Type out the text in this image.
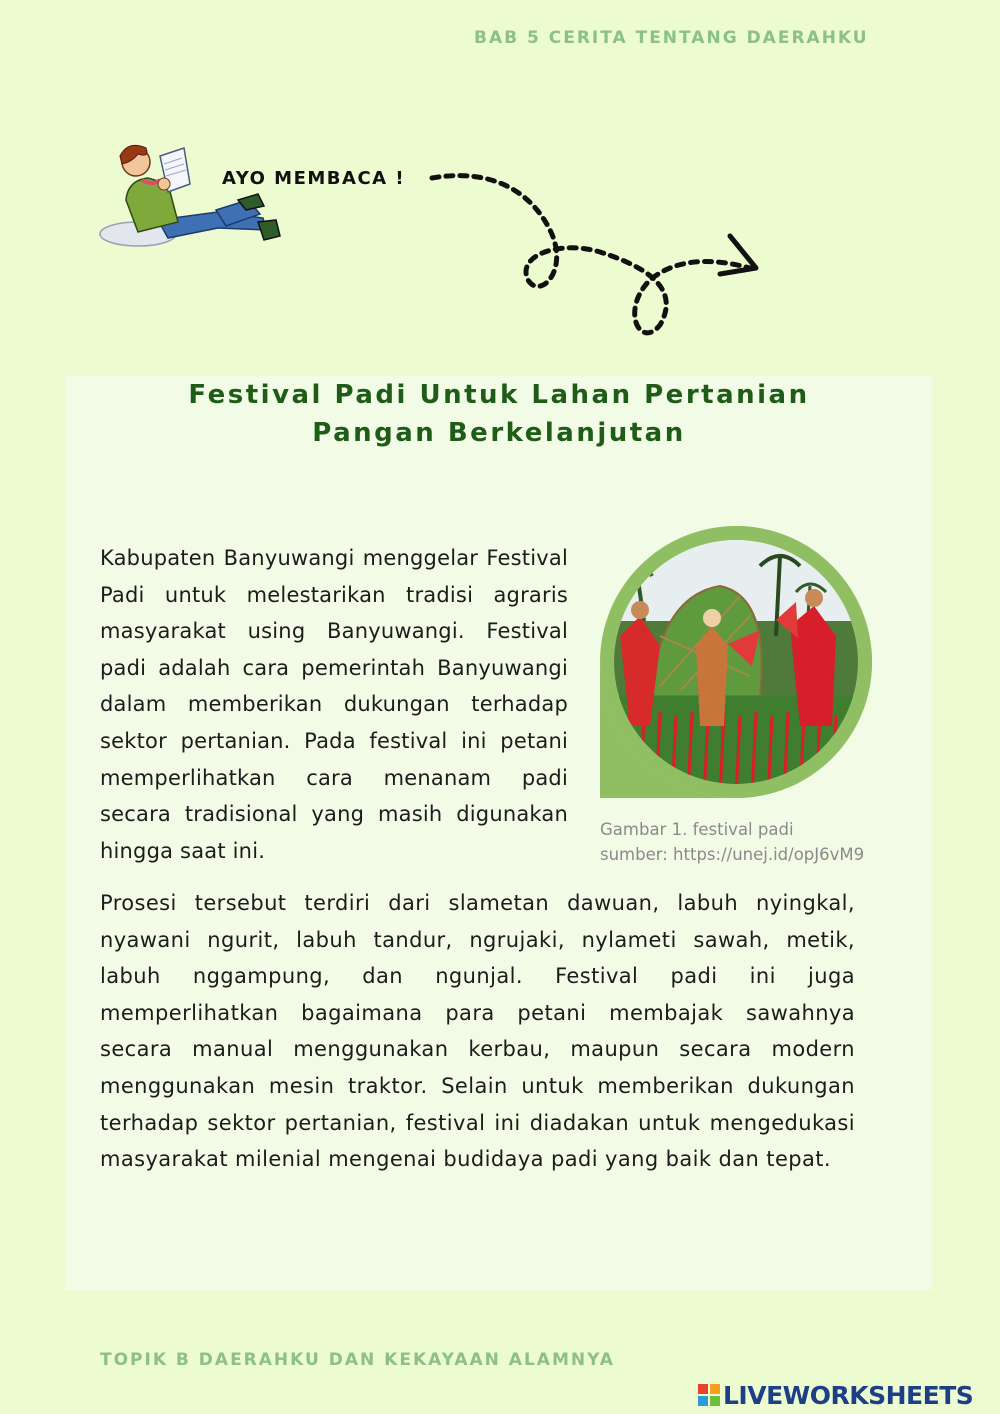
BAB 5 CERITA TENTANG DAERAHKU
AYO MEMBACA !
Festival Padi Untuk Lahan Pertanian
Pangan Berkelanjutan
Kabupaten Banyuwangi menggelar Festival Padi untuk melestarikan tradisi agraris masyarakat using Banyuwangi. Festival padi adalah cara pemerintah Banyuwangi dalam memberikan dukungan terhadap sektor pertanian. Pada festival ini petani memperlihatkan cara menanam padi secara tradisional yang masih digunakan hingga saat ini.
Gambar 1. festival padi
sumber: https://unej.id/opJ6vM9
Prosesi tersebut terdiri dari slametan dawuan, labuh nyingkal, nyawani ngurit, labuh tandur, ngrujaki, nylameti sawah, metik, labuh nggampung, dan ngunjal. Festival padi ini juga memperlihatkan bagaimana para petani membajak sawahnya secara manual menggunakan kerbau, maupun secara modern menggunakan mesin traktor. Selain untuk memberikan dukungan terhadap sektor pertanian, festival ini diadakan untuk mengedukasi masyarakat milenial mengenai budidaya padi yang baik dan tepat.
TOPIK B DAERAHKU DAN KEKAYAAN ALAMNYA
LIVEWORKSHEETS
